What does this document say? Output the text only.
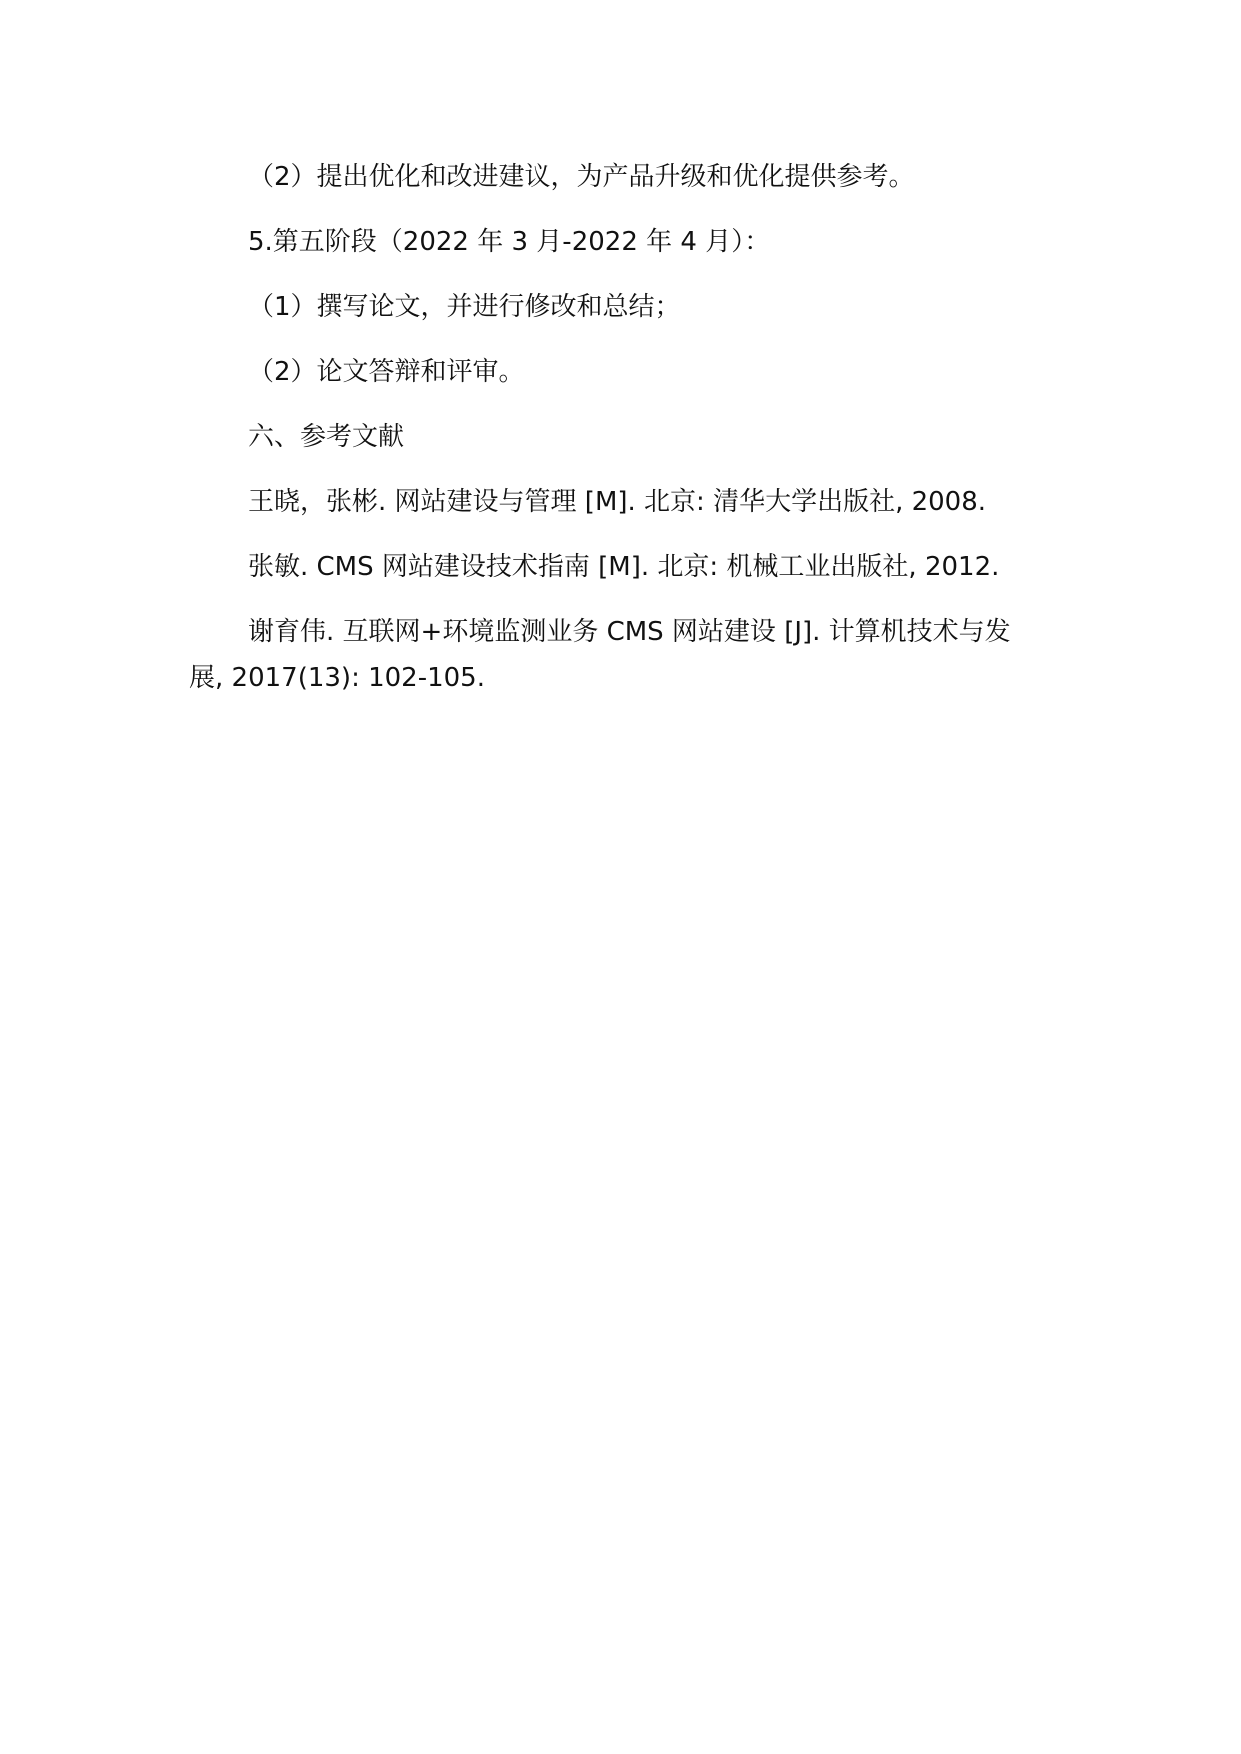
（2）提出优化和改进建议，为产品升级和优化提供参考。
5.第五阶段（2022 年 3 月-2022 年 4 月）：
（1）撰写论文，并进行修改和总结；
（2）论文答辩和评审。
六、参考文献
王晓，张彬. 网站建设与管理 [M]. 北京: 清华大学出版社, 2008.
张敏. CMS 网站建设技术指南 [M]. 北京: 机械工业出版社, 2012.
谢育伟. 互联网+环境监测业务 CMS 网站建设 [J]. 计算机技术与发
展, 2017(13): 102-105.
